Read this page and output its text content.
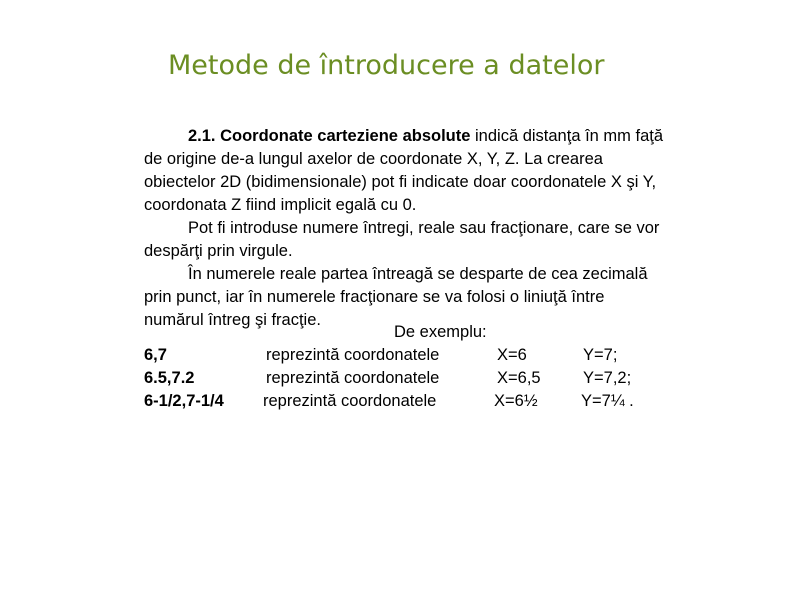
Metode de întroducere a datelor

2.1. Coordonate carteziene absolute indică distanţa în mm faţă de origine de-a lungul axelor de coordonate X, Y, Z. La crearea obiectelor 2D (bidimensionale) pot fi indicate doar coordonatele X şi Y, coordonata Z fiind implicit egală cu 0.

Pot fi introduse numere întregi, reale sau fracţionare, care se vor despărţi prin virgule.

În numerele reale partea întreagă se desparte de cea zecimală prin punct, iar în numerele fracţionare se va folosi o liniuţă între numărul întreg şi fracţie.

De exemplu:
6,7	reprezintă coordonatele	X=6	Y=7;
6.5,7.2	reprezintă coordonatele	X=6,5	Y=7,2;
6-1/2,7-1/4 reprezintă coordonatele	X=6½	Y=7¼ .
